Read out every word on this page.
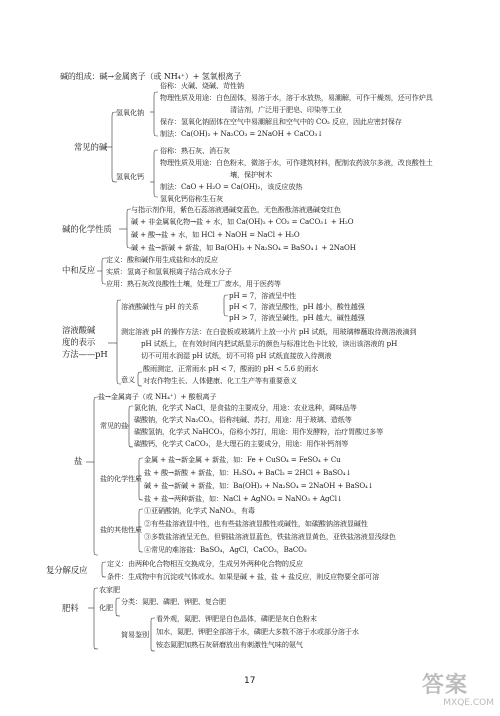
碱的组成：碱→金属离子（或 NH₄⁺）+ 氢氧根离子
常见的碱
氢氧化钠
俗称：火碱、烧碱、苛性钠
物理性质及用途：白色固体，易溶于水，溶于水放热，易潮解，可作干燥剂，还可作炉具
清洁剂，广泛用于肥皂、印染等工业
保存：氢氧化钠固体在空气中易潮解且和空气中的 CO₂ 反应，因此应密封保存
制法：Ca(OH)₂ + Na₂CO₃ = 2NaOH + CaCO₃↓
氢氧化钙
俗称：熟石灰、消石灰
物理性质及用途：白色粉末，微溶于水，可作建筑材料，配制农药波尔多液，改良酸性土
壤，保护树木
制法：CaO + H₂O = Ca(OH)₂，该反应放热
氢氧化钙俗称生石灰
碱的化学性质
与指示剂作用，紫色石蕊溶液遇碱变蓝色，无色酚酞溶液遇碱变红色
碱 + 非金属氧化物→盐 + 水，如 Ca(OH)₂ + CO₂ = CaCO₃↓ + H₂O
碱 + 酸→盐 + 水，如 HCl + NaOH = NaCl + H₂O
碱 + 盐→新碱 + 新盐，如 Ba(OH)₂ + Na₂SO₄ = BaSO₄↓ + 2NaOH
中和反应
定义：酸和碱作用生成盐和水的反应
实质：氢离子和氢氧根离子结合成水分子
应用：熟石灰改良酸性土壤，处理工厂废水，用于医药等
溶液酸碱
度的表示
方法——pH
溶液酸碱性与 pH 的关系
pH = 7，溶液呈中性
pH < 7，溶液呈酸性，pH 越小，酸性越强
pH > 7，溶液呈碱性，pH 越大，碱性越强
测定溶液 pH 的操作方法：在白瓷板或玻璃片上放一小片 pH 试纸，用玻璃棒蘸取待测溶液滴到
pH 试纸上，在有效时间内把试纸显示的颜色与标准比色卡比较，读出该溶液的 pH
切不可用水润湿 pH 试纸，切不可将 pH 试纸直接放入待测液
意义
酸雨测定，正常雨水 pH < 7，酸雨的 pH < 5.6 的雨水
对农作物生长、人体健康、化工生产等有重要意义
盐
盐→金属离子（或 NH₄⁺）+ 酸根离子
常见的盐
氯化钠，化学式 NaCl，是食盐的主要成分，用途：农业选种，调味品等
碳酸钠，化学式 Na₂CO₃，俗称纯碱、苏打，用途：用于玻璃、造纸等
碳酸氢钠，化学式 NaHCO₃，俗称小苏打，用途：用作发酵粉，治疗胃酸过多等
碳酸钙，化学式 CaCO₃，是大理石的主要成分，用途：用作补钙剂等
盐的化学性质
金属 + 盐→新金属 + 新盐，如：Fe + CuSO₄ = FeSO₄ + Cu
盐 + 酸→新酸 + 新盐，如：H₂SO₄ + BaCl₂ = 2HCl + BaSO₄↓
碱 + 盐→新碱 + 新盐，如：Ba(OH)₂ + Na₂SO₄ = 2NaOH + BaSO₄↓
盐 + 盐→两种新盐，如：NaCl + AgNO₃ = NaNO₃ + AgCl↓
盐的其他性质
①亚硝酸钠，化学式 NaNO₂，有毒
②有些盐溶液显中性，也有些盐溶液显酸性或碱性，如碳酸钠溶液显碱性
③多数盐溶液呈无色，但铜盐溶液显蓝色，铁盐溶液显黄色，亚铁盐溶液显浅绿色
④常见的难溶盐：BaSO₄，AgCl，CaCO₃，BaCO₃
复分解反应
定义：由两种化合物相互交换成分，生成另外两种化合物的反应
条件：生成物中有沉淀或气体或水。如果是碱 + 盐，盐 + 盐反应，则反应物要全部可溶
肥料
农家肥
化肥
分类：氮肥、磷肥、钾肥、复合肥
简易鉴别
看外观，氮肥、钾肥是白色晶体，磷肥是灰白色粉末
加水，氮肥、钾肥全部溶于水，磷肥大多数不溶于水或部分溶于水
铵态氮肥加熟石灰研磨放出有刺激性气味的氨气
17	答案
MXQE.COM
